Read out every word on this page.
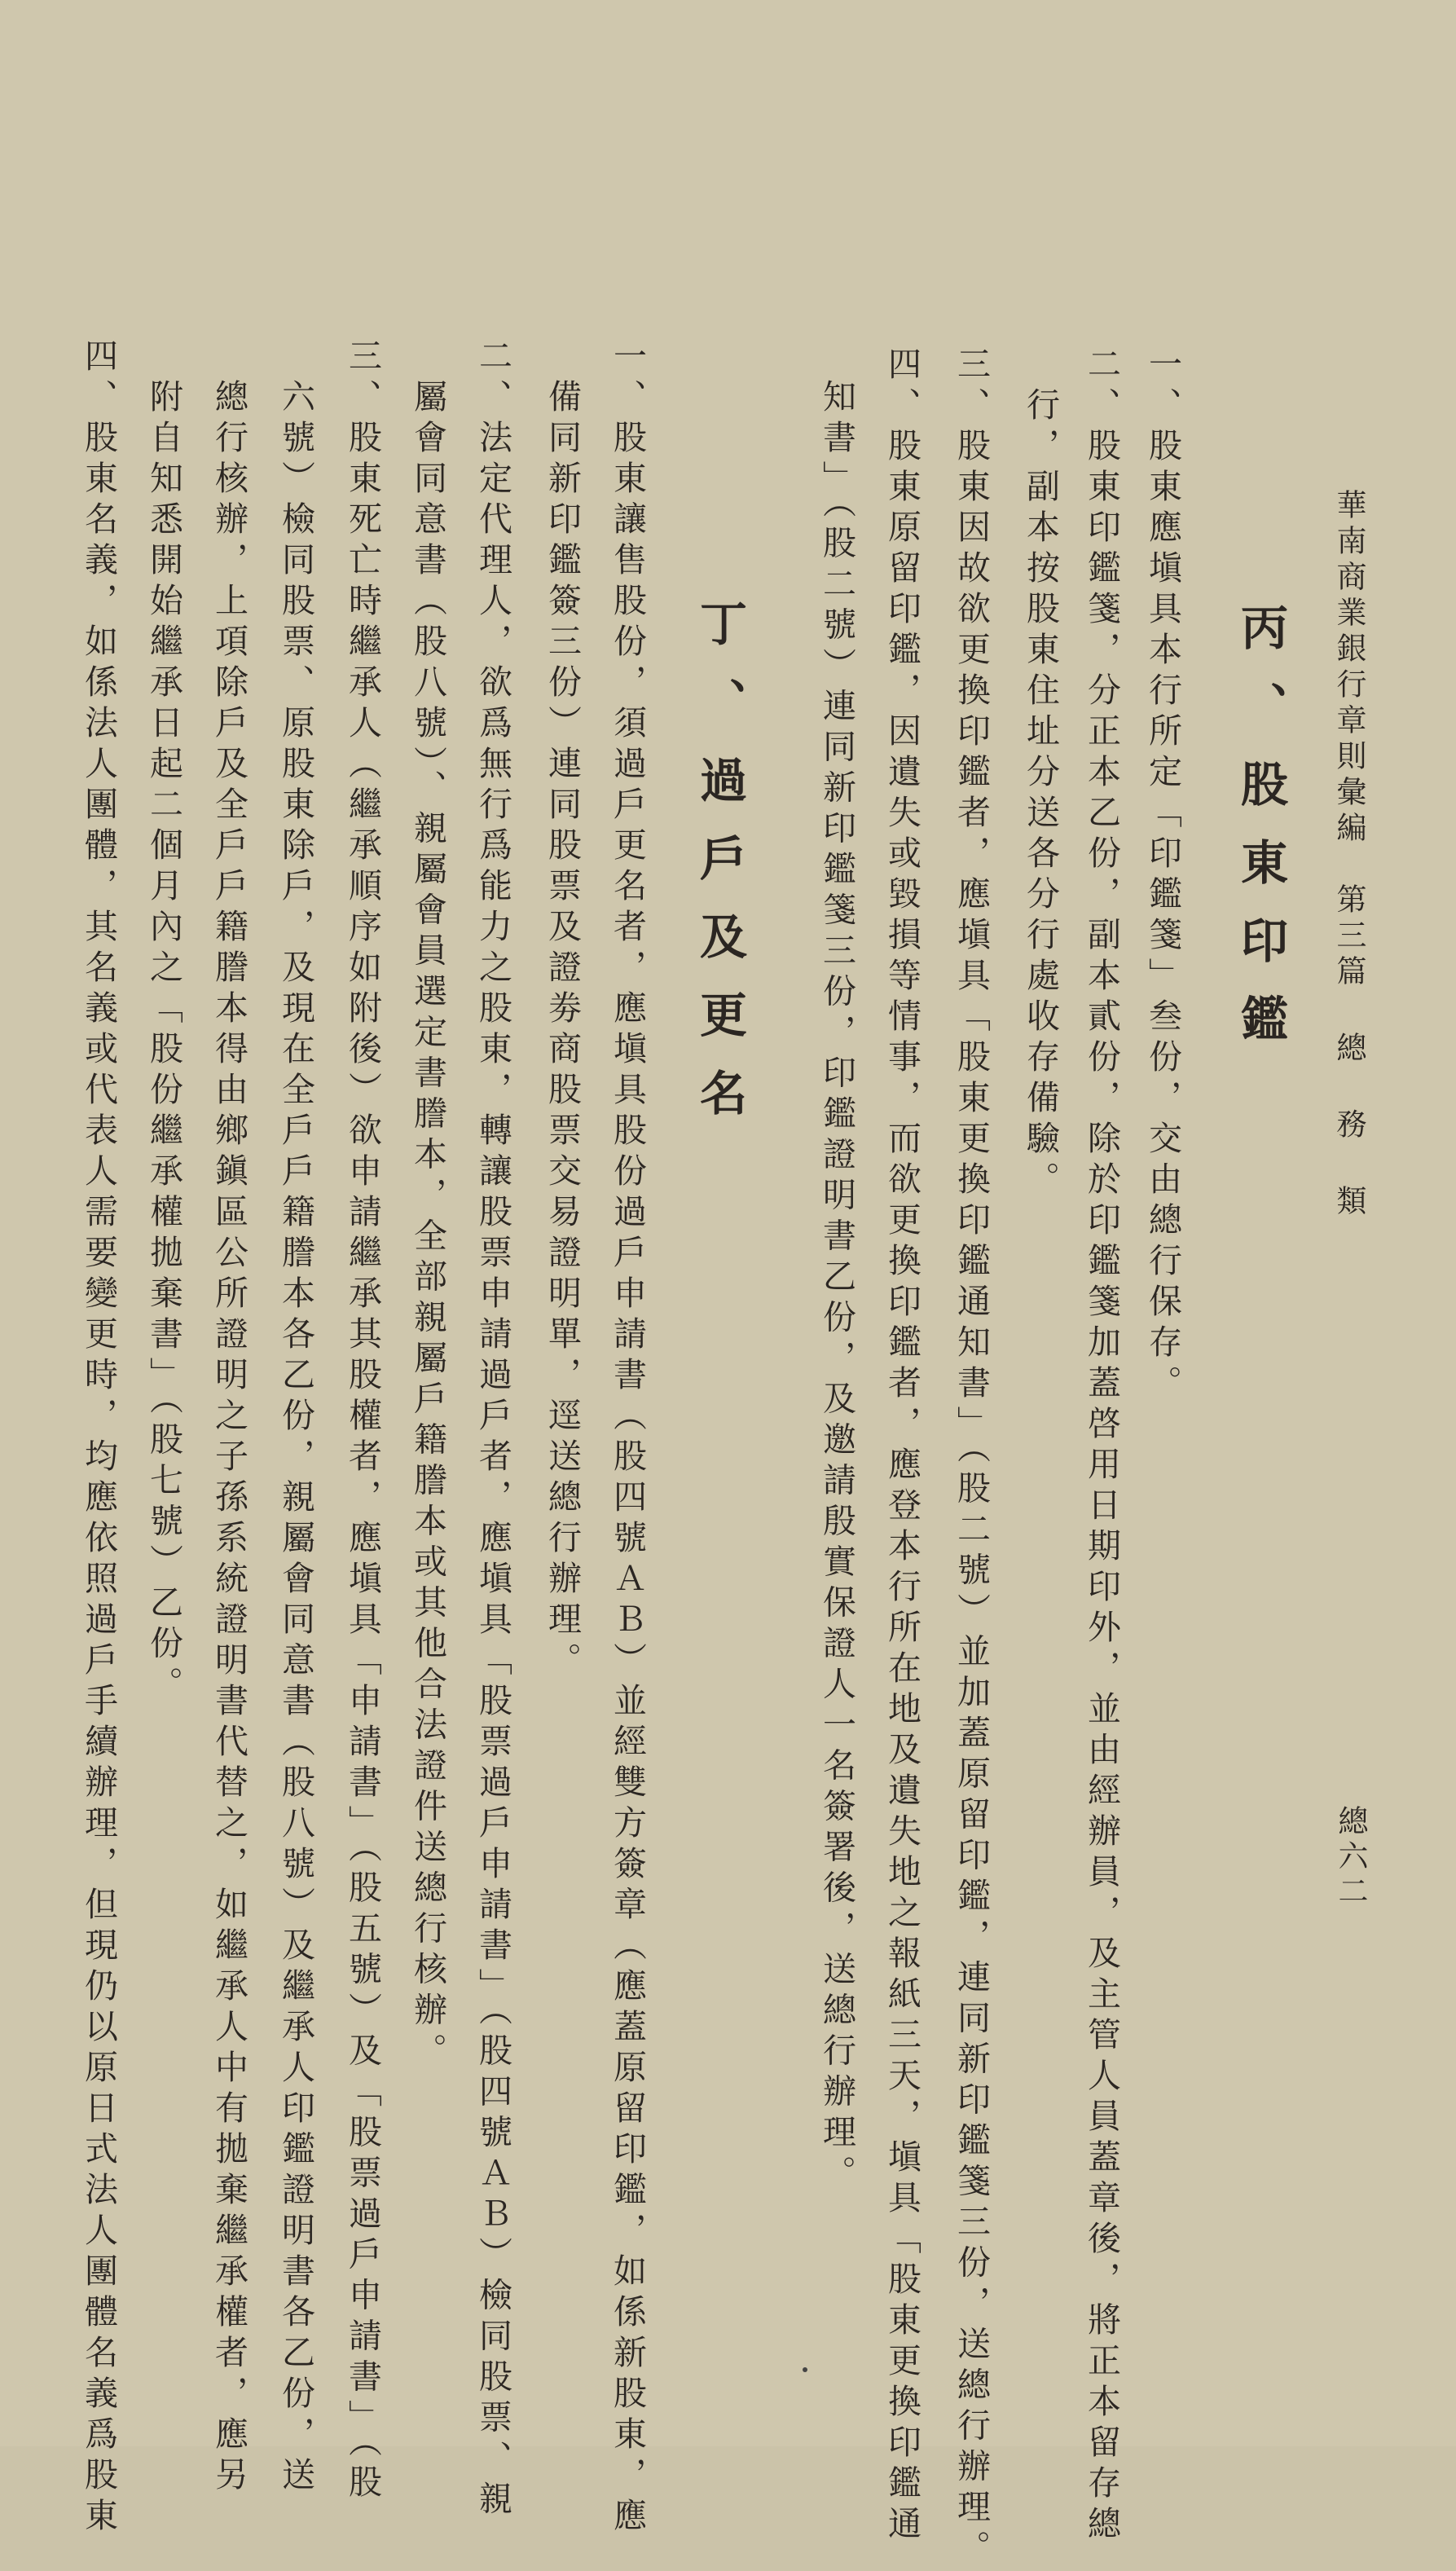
華南商業銀行章則彙編　第三篇 總 務 類
總六二
丙、股東印鑑
一、股東應塡具本行所定「印鑑箋」叁份，交由總行保存。
二、股東印鑑箋，分正本乙份，副本貳份，除於印鑑箋加蓋啓用日期印外，並由經辦員，及主管人員蓋章後，將正本留存總
行，副本按股東住址分送各分行處收存備驗。
三、股東因故欲更換印鑑者，應塡具「股東更換印鑑通知書」（股二號）並加蓋原留印鑑，連同新印鑑箋三份，送總行辦理。
四、股東原留印鑑，因遺失或毀損等情事，而欲更換印鑑者，應登本行所在地及遺失地之報紙三天，塡具「股東更換印鑑通
知書」（股二號）連同新印鑑箋三份，印鑑證明書乙份，及邀請殷實保證人一名簽署後，送總行辦理。
丁、過戶及更名
一、股東讓售股份，須過戶更名者，應塡具股份過戶申請書（股四號ＡＢ）並經雙方簽章（應蓋原留印鑑，如係新股東，應
備同新印鑑簽三份）連同股票及證劵商股票交易證明單，逕送總行辦理。
二、法定代理人，欲爲無行爲能力之股東，轉讓股票申請過戶者，應塡具「股票過戶申請書」（股四號ＡＢ）檢同股票、親
屬會同意書（股八號）、親屬會員選定書謄本，全部親屬戶籍謄本或其他合法證件送總行核辦。
三、股東死亡時繼承人（繼承順序如附後）欲申請繼承其股權者，應塡具「申請書」（股五號）及「股票過戶申請書」（股
六號）檢同股票、原股東除戶，及現在全戶戶籍謄本各乙份，親屬會同意書（股八號）及繼承人印鑑證明書各乙份，送
總行核辦，上項除戶及全戶戶籍謄本得由鄉鎭區公所證明之子孫系統證明書代替之，如繼承人中有拋棄繼承權者，應另
附自知悉開始繼承日起二個月內之「股份繼承權拋棄書」（股七號）乙份。
四、股東名義，如係法人團體，其名義或代表人需要變更時，均應依照過戶手續辦理，但現仍以原日式法人團體名義爲股東
